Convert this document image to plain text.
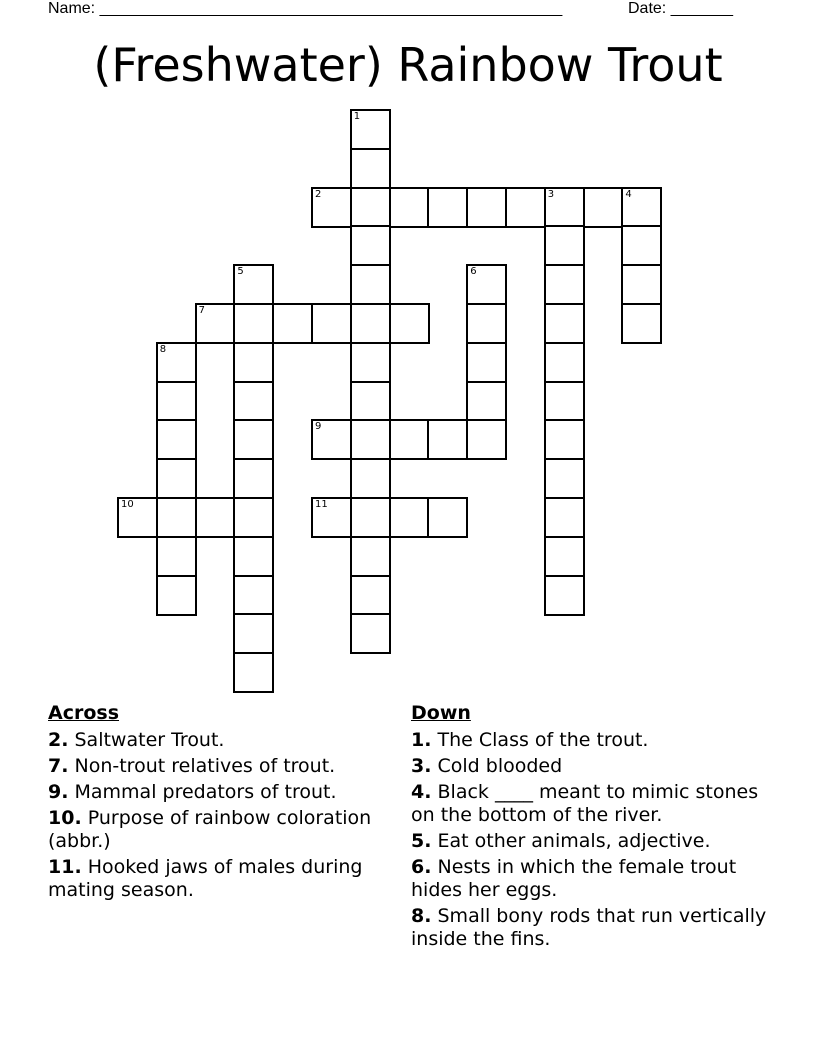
Name: ____________________________________________________	Date: _______
(Freshwater) Rainbow Trout
1
2	3	4
5	6
7
8
9
10	11
Across
2. Saltwater Trout.
7. Non-trout relatives of trout.
9. Mammal predators of trout.
10. Purpose of rainbow coloration (abbr.)
11. Hooked jaws of males during mating season.
Down
1. The Class of the trout.
3. Cold blooded
4. Black ____ meant to mimic stones on the bottom of the river.
5. Eat other animals, adjective.
6. Nests in which the female trout hides her eggs.
8. Small bony rods that run vertically inside the fins.
